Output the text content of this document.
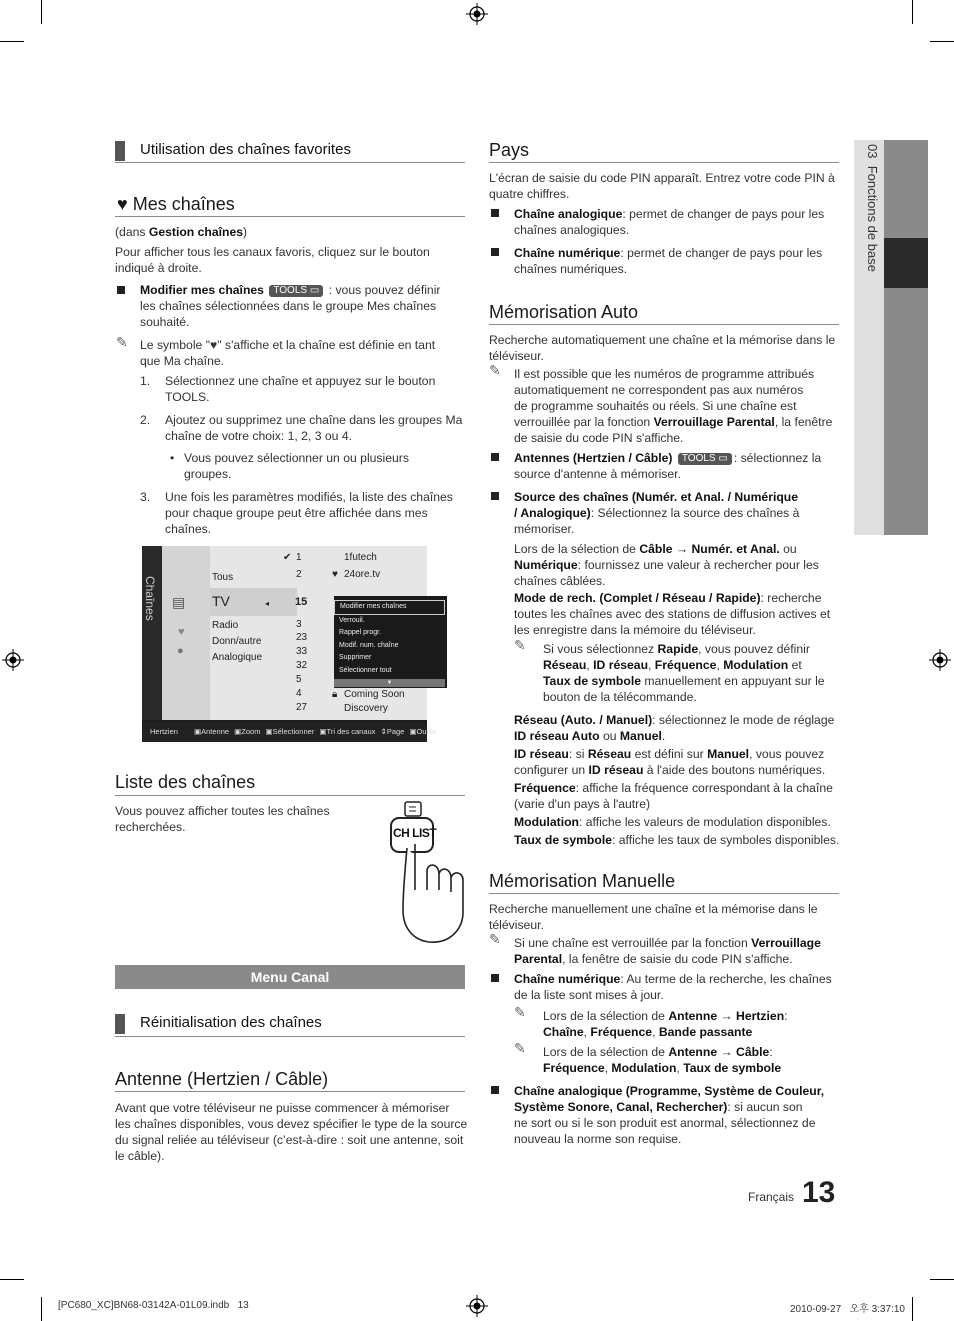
03  Fonctions de base
Utilisation des chaînes favorites
♥ Mes chaînes
(dans Gestion chaînes)
Pour afficher tous les canaux favoris, cliquez sur le bouton indiqué à droite.
Modifier mes chaînes TOOLS ▭ : vous pouvez définir
les chaînes sélectionnées dans le groupe Mes chaînes
souhaité.
✎ Le symbole "♥" s'affiche et la chaîne est définie en tant
que Ma chaîne.
1. Sélectionnez une chaîne et appuyez sur le bouton
TOOLS.
2. Ajoutez ou supprimez une chaîne dans les groupes Ma
chaîne de votre choix: 1, 2, 3 ou 4.
• Vous pouvez sélectionner un ou plusieurs
groupes.
3. Une fois les paramètres modifiés, la liste des chaînes
pour chaque groupe peut être affichée dans mes
chaînes.
Chaînes ▤
♥
●
Tous
TV
Radio
Donn/autre
Analogique
◂
✔ 1
2
15
3
23
33
32
5
4
27
1futech
♥ 24ore.tv
🔒︎ Coming Soon
Discovery
Modifier mes chaînes
Verrouil.
Rappel progr.
Modif. num. chaîne
Supprimer
Sélectionner tout
▼
Hertzien ▣Antenne ▣Zoom ▣Sélectionner ▣Tri des canaux ⇕Page ▣Outils
Liste des chaînes
Vous pouvez afficher toutes les chaînes
recherchées.	CH LIST
Menu Canal
Réinitialisation des chaînes
Antenne (Hertzien / Câble)
Avant que votre téléviseur ne puisse commencer à mémoriser
les chaînes disponibles, vous devez spécifier le type de la source
du signal reliée au téléviseur (c’est-à-dire : soit une antenne, soit
le câble).
Pays
L'écran de saisie du code PIN apparaît. Entrez votre code PIN à
quatre chiffres.
Chaîne analogique: permet de changer de pays pour les
chaînes analogiques.
Chaîne numérique: permet de changer de pays pour les
chaînes numériques.
Mémorisation Auto
Recherche automatiquement une chaîne et la mémorise dans le
téléviseur.
✎ Il est possible que les numéros de programme attribués
automatiquement ne correspondent pas aux numéros
de programme souhaités ou réels. Si une chaîne est
verrouillée par la fonction Verrouillage Parental, la fenêtre
de saisie du code PIN s'affiche.
Antennes (Hertzien / Câble) TOOLS ▭ : sélectionnez la
source d'antenne à mémoriser.
Source des chaînes (Numér. et Anal. / Numérique
/ Analogique): Sélectionnez la source des chaînes à
mémoriser.
Lors de la sélection de Câble → Numér. et Anal. ou
Numérique: fournissez une valeur à rechercher pour les
chaînes câblées.
Mode de rech. (Complet / Réseau / Rapide): recherche
toutes les chaînes avec des stations de diffusion actives et
les enregistre dans la mémoire du téléviseur.
✎ Si vous sélectionnez Rapide, vous pouvez définir
Réseau, ID réseau, Fréquence, Modulation et
Taux de symbole manuellement en appuyant sur le
bouton de la télécommande.
Réseau (Auto. / Manuel): sélectionnez le mode de réglage
ID réseau Auto ou Manuel.
ID réseau: si Réseau est défini sur Manuel, vous pouvez
configurer un ID réseau à l'aide des boutons numériques.
Fréquence: affiche la fréquence correspondant à la chaîne
(varie d'un pays à l'autre)
Modulation: affiche les valeurs de modulation disponibles.
Taux de symbole: affiche les taux de symboles disponibles.
Mémorisation Manuelle
Recherche manuellement une chaîne et la mémorise dans le
téléviseur.
✎ Si une chaîne est verrouillée par la fonction Verrouillage
Parental, la fenêtre de saisie du code PIN s'affiche.
Chaîne numérique: Au terme de la recherche, les chaînes
de la liste sont mises à jour.
✎ Lors de la sélection de Antenne → Hertzien:
Chaîne, Fréquence, Bande passante
✎ Lors de la sélection de Antenne → Câble:
Fréquence, Modulation, Taux de symbole
Chaîne analogique (Programme, Système de Couleur,
Système Sonore, Canal, Rechercher): si aucun son
ne sort ou si le son produit est anormal, sélectionnez de
nouveau la norme son requise.
Français 13
[PC680_XC]BN68-03142A-01L09.indb   13	2010-09-27   오후 3:37:10
